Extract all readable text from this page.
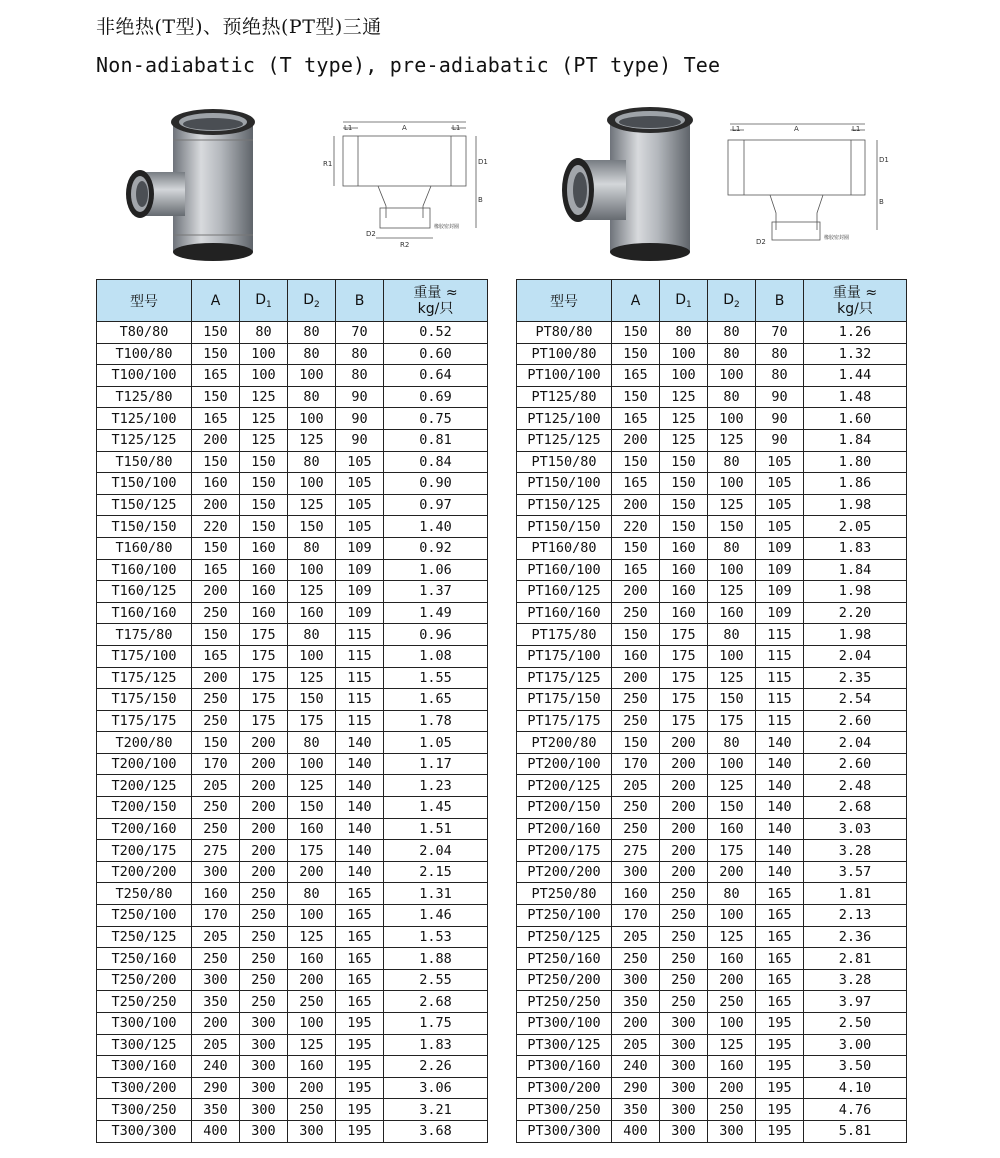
非绝热(T型)、预绝热(PT型)三通
Non-adiabatic (T type), pre-adiabatic (PT type) Tee
L1	A	L1
R1	D1
B
D2
R2
橡胶密封圈
L1	A	L1
D1
B
D2	橡胶密封圈
型号	A	$D_1$	$D_2$	B	重量 ≈
kg/只

T80/80	150	80	80	70	0.52
T100/80	150	100	80	80	0.60
T100/100	165	100	100	80	0.64
T125/80	150	125	80	90	0.69
T125/100	165	125	100	90	0.75
T125/125	200	125	125	90	0.81
T150/80	150	150	80	105	0.84
T150/100	160	150	100	105	0.90
T150/125	200	150	125	105	0.97
T150/150	220	150	150	105	1.40
T160/80	150	160	80	109	0.92
T160/100	165	160	100	109	1.06
T160/125	200	160	125	109	1.37
T160/160	250	160	160	109	1.49
T175/80	150	175	80	115	0.96
T175/100	165	175	100	115	1.08
T175/125	200	175	125	115	1.55
T175/150	250	175	150	115	1.65
T175/175	250	175	175	115	1.78
T200/80	150	200	80	140	1.05
T200/100	170	200	100	140	1.17
T200/125	205	200	125	140	1.23
T200/150	250	200	150	140	1.45
T200/160	250	200	160	140	1.51
T200/175	275	200	175	140	2.04
T200/200	300	200	200	140	2.15
T250/80	160	250	80	165	1.31
T250/100	170	250	100	165	1.46
T250/125	205	250	125	165	1.53
T250/160	250	250	160	165	1.88
T250/200	300	250	200	165	2.55
T250/250	350	250	250	165	2.68
T300/100	200	300	100	195	1.75
T300/125	205	300	125	195	1.83
T300/160	240	300	160	195	2.26
T300/200	290	300	200	195	3.06
T300/250	350	300	250	195	3.21
T300/300	400	300	300	195	3.68
型号	A	$D_1$	$D_2$	B	重量 ≈
kg/只

PT80/80	150	80	80	70	1.26
PT100/80	150	100	80	80	1.32
PT100/100	165	100	100	80	1.44
PT125/80	150	125	80	90	1.48
PT125/100	165	125	100	90	1.60
PT125/125	200	125	125	90	1.84
PT150/80	150	150	80	105	1.80
PT150/100	165	150	100	105	1.86
PT150/125	200	150	125	105	1.98
PT150/150	220	150	150	105	2.05
PT160/80	150	160	80	109	1.83
PT160/100	165	160	100	109	1.84
PT160/125	200	160	125	109	1.98
PT160/160	250	160	160	109	2.20
PT175/80	150	175	80	115	1.98
PT175/100	160	175	100	115	2.04
PT175/125	200	175	125	115	2.35
PT175/150	250	175	150	115	2.54
PT175/175	250	175	175	115	2.60
PT200/80	150	200	80	140	2.04
PT200/100	170	200	100	140	2.60
PT200/125	205	200	125	140	2.48
PT200/150	250	200	150	140	2.68
PT200/160	250	200	160	140	3.03
PT200/175	275	200	175	140	3.28
PT200/200	300	200	200	140	3.57
PT250/80	160	250	80	165	1.81
PT250/100	170	250	100	165	2.13
PT250/125	205	250	125	165	2.36
PT250/160	250	250	160	165	2.81
PT250/200	300	250	200	165	3.28
PT250/250	350	250	250	165	3.97
PT300/100	200	300	100	195	2.50
PT300/125	205	300	125	195	3.00
PT300/160	240	300	160	195	3.50
PT300/200	290	300	200	195	4.10
PT300/250	350	300	250	195	4.76
PT300/300	400	300	300	195	5.81
